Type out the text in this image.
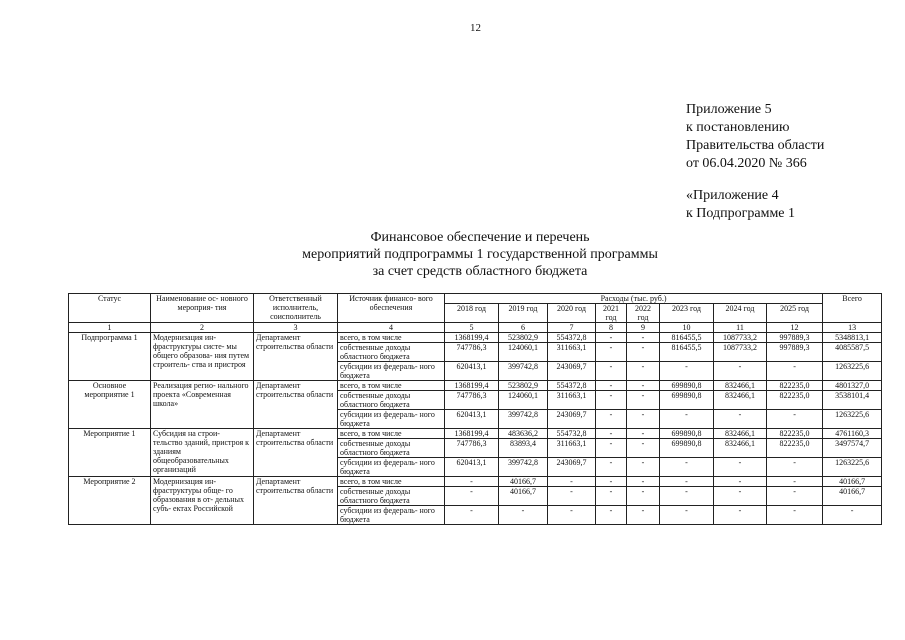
12
Приложение 5
к постановлению
Правительства области
от 06.04.2020 № 366
«Приложение 4
к Подпрограмме 1
Финансовое обеспечение и перечень
мероприятий подпрограммы 1 государственной программы
за счет средств областного бюджета
Статус	Наименование ос- новного мероприя- тия	Ответственный исполнитель, соисполнитель	Источник финансо- вого обеспечения	Расходы (тыс. руб.)								Всего
				2018 год	2019 год	2020 год	2021 год	2022 год	2023 год	2024 год	2025 год	
1	2	3	4	5	6	7	8	9	10	11	12	13
Подпрограмма 1	Модернизация ин- фраструктуры систе- мы общего образова- ния путем строитель- ства и пристроя	Департамент строительства области	всего, в том числе	1368199,4	523802,9	554372,8	-	-	816455,5	1087733,2	997889,3	5348813,1
			собственные доходы областного бюджета	747786,3	124060,1	311663,1	-	-	816455,5	1087733,2	997889,3	4085587,5
			субсидии из федераль- ного бюджета	620413,1	399742,8	243069,7	-	-	-	-	-	1263225,6
Основное мероприятие 1	Реализация регио- нального проекта «Современная школа»	Департамент строительства области	всего, в том числе	1368199,4	523802,9	554372,8	-	-	699890,8	832466,1	822235,0	4801327,0
			собственные доходы областного бюджета	747786,3	124060,1	311663,1	-	-	699890,8	832466,1	822235,0	3538101,4
			субсидии из федераль- ного бюджета	620413,1	399742,8	243069,7	-	-	-	-	-	1263225,6
Мероприятие 1	Субсидия на строи- тельство зданий, пристроя к зданиям общеобразовательных организаций	Департамент строительства области	всего, в том числе	1368199,4	483636,2	554732,8	-	-	699890,8	832466,1	822235,0	4761160,3
			собственные доходы областного бюджета	747786,3	83893,4	311663,1	-	-	699890,8	832466,1	822235,0	3497574,7
			субсидии из федераль- ного бюджета	620413,1	399742,8	243069,7	-	-	-	-	-	1263225,6
Мероприятие 2	Модернизация ин- фраструктуры обще- го образования в от- дельных субъ- ектах Российской	Департамент строительства области	всего, в том числе	-	40166,7	-	-	-	-	-	-	40166,7
			собственные доходы областного бюджета	-	40166,7	-	-	-	-	-	-	40166,7
			субсидии из федераль- ного бюджета	-	-	-	-	-	-	-	-	-
